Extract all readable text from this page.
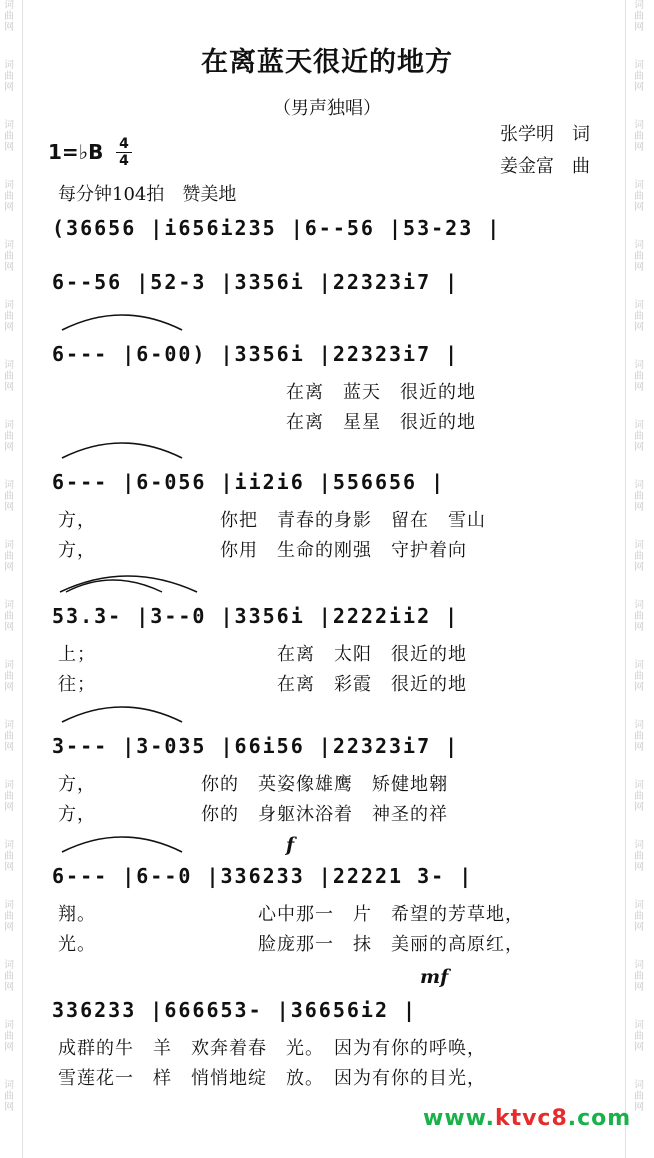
词
曲
网
词
曲
网
词
曲
网
词
曲
网
词
曲
网
词
曲
网
词
曲
网
词
曲
网
词
曲
网
词
曲
网
词
曲
网
词
曲
网
词
曲
网
词
曲
网
词
曲
网
词
曲
网
词
曲
网
词
曲
网
词
曲
网
词
曲
网
词
曲
网
词
曲
网
词
曲
网
词
曲
网
词
曲
网
词
曲
网
词
曲
网
词
曲
网
词
曲
网
词
曲
网
词
曲
网
词
曲
网
词
曲
网
词
曲
网
词
曲
网
词
曲
网
词
曲
网
词
曲
网
在离蓝天很近的地方
（男声独唱）
张学明　词
姜金富　曲
1=♭B 4
4
每分钟104拍　赞美地
(36656 |i656i235 |6--56 |53-23 |
6--56 |52-3 |3356i |22323i7 |
6--- |6-00) |3356i |22323i7 |
　　　　　　　　　　　　在离　蓝天　很近的地
　　　　　　　　　　　　在离　星星　很近的地
6--- |6-056 |ii2i6 |556656 |
方，　　　　　　　你把　青春的身影　留在　雪山
方，　　　　　　　你用　生命的刚强　守护着向
53.3- |3--0 |3356i |2222ii2 |
上；　　　　　　　　　　在离　太阳　很近的地
往；　　　　　　　　　　在离　彩霞　很近的地
3--- |3-035 |66i56 |22323i7 |
方，　　　　　　你的　英姿像雄鹰　矫健地翱
方，　　　　　　你的　身躯沐浴着　神圣的祥
f
6--- |6--0 |336233 |22221 3- |
翔。　　　　　　　　　心中那一　片　希望的芳草地，
光。　　　　　　　　　脸庞那一　抹　美丽的高原红，
mf
336233 |666653- |36656i2 |
成群的牛　羊　欢奔着春　光。　因为有你的呼唤，
雪莲花一　样　悄悄地绽　放。　因为有你的目光，
www.ktvc8.com
